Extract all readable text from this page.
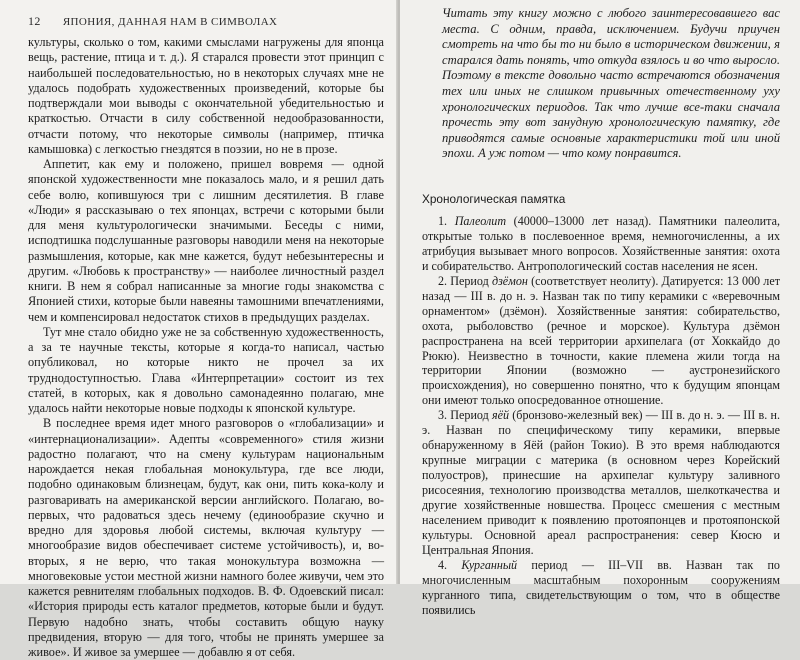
12 ЯПОНИЯ, ДАННАЯ НАМ В СИМВОЛАХ

культуры, сколько о том, какими смыслами нагружены для японца вещь, растение, птица и т. д.). Я старался провести этот принцип с наибольшей последовательностью, но в некоторых случаях мне не удалось подобрать художественных произведений, которые бы подтверждали мои выводы с окончательной убедительностью и краткостью. Отчасти в силу собственной недообразованности, отчасти потому, что некоторые символы (например, птичка камышовка) с легкостью гнездятся в поэзии, но не в прозе.

Аппетит, как ему и положено, пришел вовремя — одной японской художественности мне показалось мало, и я решил дать себе волю, копившуюся три с лишним десятилетия. В главе «Люди» я рассказываю о тех японцах, встречи с которыми были для меня культурологически значимыми. Беседы с ними, исподтишка подслушанные разговоры наводили меня на некоторые размышления, которые, как мне кажется, будут небезынтересны и другим. «Любовь к пространству» — наиболее личностный раздел книги. В нем я собрал написанные за многие годы знакомства с Японией стихи, которые были навеяны тамошними впечатлениями, чем и компенсировал недостаток стихов в предыдущих разделах.

Тут мне стало обидно уже не за собственную художественность, а за те научные тексты, которые я когда-то написал, частью опубликовал, но которые никто не прочел за их труднодоступностью. Глава «Интерпретации» состоит из тех статей, в которых, как я довольно самонадеянно полагаю, мне удалось найти некоторые новые подходы к японской культуре.

В последнее время идет много разговоров о «глобализации» и «интернационализации». Адепты «современного» стиля жизни радостно полагают, что на смену культурам национальным нарождается некая глобальная монокультура, где все люди, подобно одинаковым близнецам, будут, как они, пить кока-колу и разговаривать на американской версии английского. Полагаю, во-первых, что радоваться здесь нечему (единообразие скучно и вредно для здоровья любой системы, включая культуру — многообразие видов обеспечивает системе устойчивость), и, во-вторых, я не верю, что такая монокультура возможна — многовековые устои местной жизни намного более живучи, чем это кажется ревнителям глобальных подходов. В. Ф. Одоевский писал: «История природы есть каталог предметов, которые были и будут. Первую надобно знать, чтобы составить общую науку предвидения, вторую — для того, чтобы не принять умершее за живое». И живое за умершее — добавлю я от себя.

Читать эту книгу можно с любого заинтересовавшего вас места. С одним, правда, исключением. Будучи приучен смотреть на что бы то ни было в историческом движении, я старался дать понять, что откуда взялось и во что выросло. Поэтому в тексте довольно часто встречаются обозначения тех или иных не слишком привычных отечественному уху хронологических периодов. Так что лучше все-таки сначала прочесть эту вот занудную хронологическую памятку, где приводятся самые основные характеристики той или иной эпохи. А уж потом — что кому понравится.

Хронологическая памятка

1. Палеолит (40000–13000 лет назад). Памятники палеолита, открытые только в послевоенное время, немногочисленны, а их атрибуция вызывает много вопросов. Хозяйственные занятия: охота и собирательство. Антропологический состав населения не ясен.

2. Период дзёмон (соответствует неолиту). Датируется: 13 000 лет назад — III в. до н. э. Назван так по типу керамики с «веревочным орнаментом» (дзёмон). Хозяйственные занятия: собирательство, охота, рыболовство (речное и морское). Культура дзёмон распространена на всей территории архипелага (от Хоккайдо до Рюкю). Неизвестно в точности, какие племена жили тогда на территории Японии (возможно — аустронезийского происхождения), но совершенно понятно, что к будущим японцам они имеют только опосредованное отношение.

3. Период яёй (бронзово-железный век) — III в. до н. э. — III в. н. э. Назван по специфическому типу керамики, впервые обнаруженному в Яёй (район Токио). В это время наблюдаются крупные миграции с материка (в основном через Корейский полуостров), принесшие на архипелаг культуру заливного рисосеяния, технологию производства металлов, шелкоткачества и другие хозяйственные новшества. Процесс смешения с местным населением приводит к появлению протояпонцев и протояпонской культуры. Основной ареал распространения: север Кюсю и Центральная Япония.

4. Курганный период — III–VII вв. Назван так по многочисленным масштабным похоронным сооружениям курганного типа, свидетельствующим о том, что в обществе появились
